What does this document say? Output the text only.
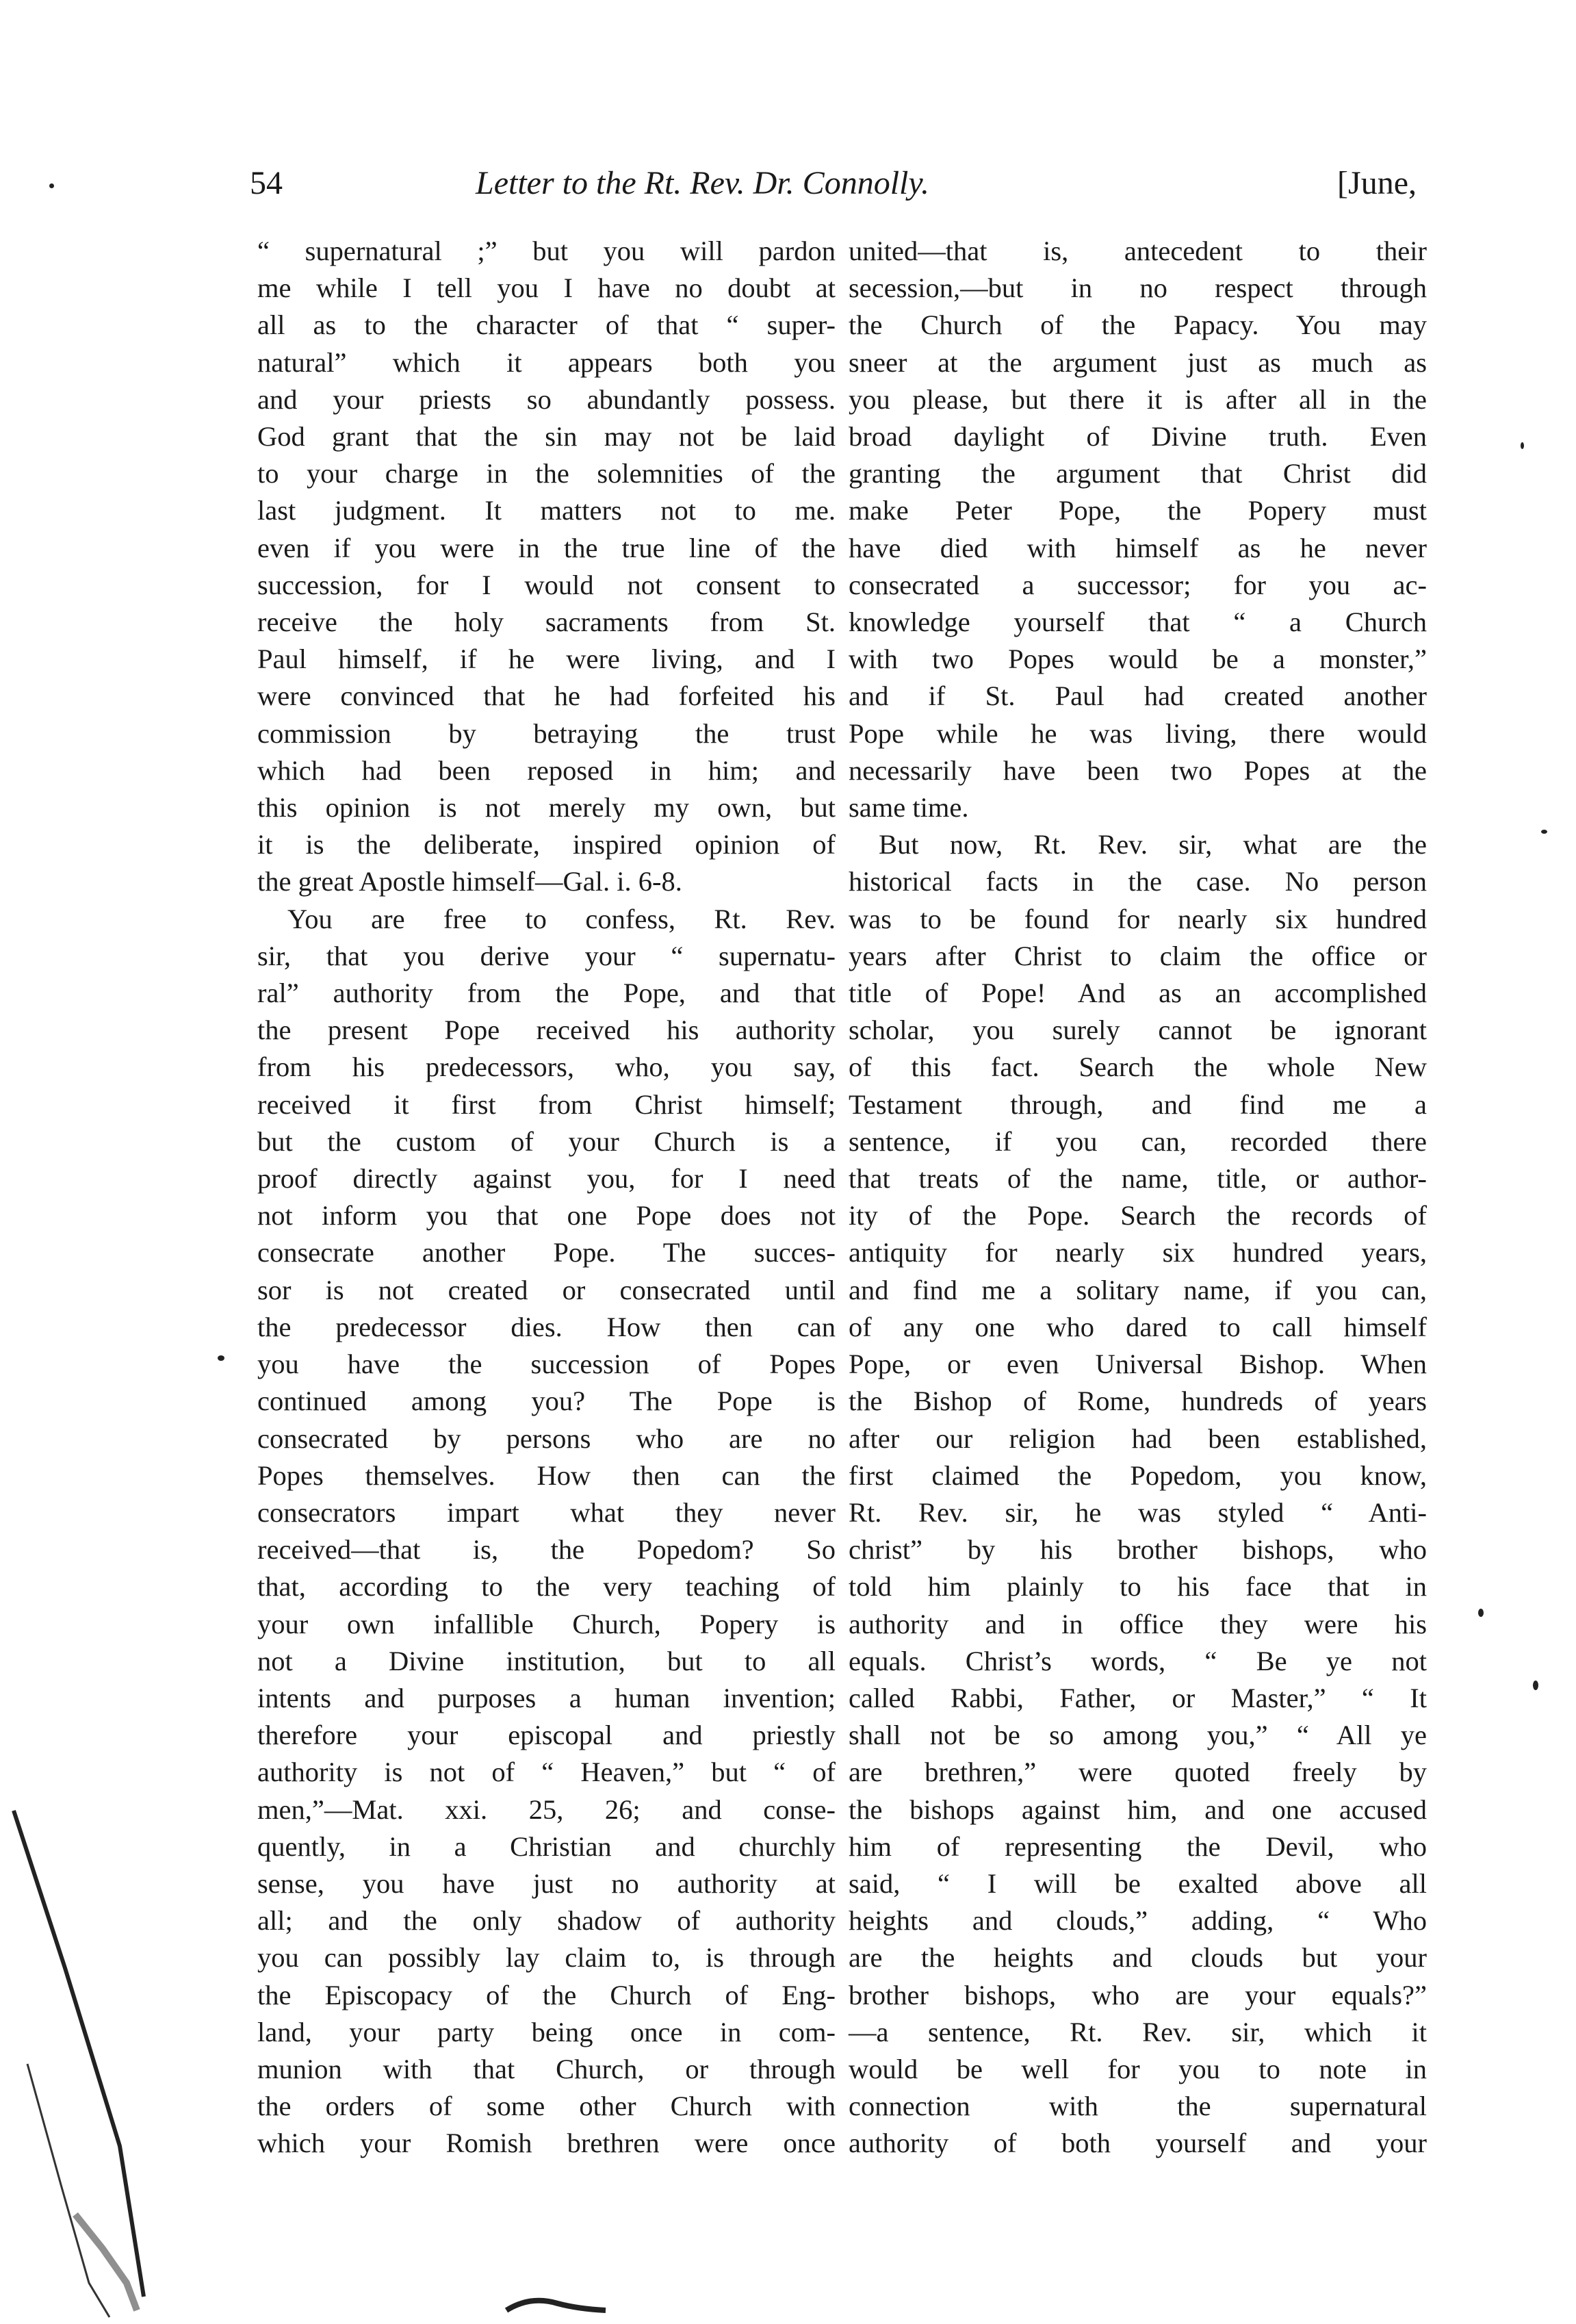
54	Letter to the Rt. Rev. Dr. Connolly.	[June,
“ supernatural ;” but you will pardon
me while I tell you I have no doubt at
all as to the character of that “ super-
natural” which it appears both you
and your priests so abundantly possess.
God grant that the sin may not be laid
to your charge in the solemnities of the
last judgment. It matters not to me.
even if you were in the true line of the
succession, for I would not consent to
receive the holy sacraments from St.
Paul himself, if he were living, and I
were convinced that he had forfeited his
commission by betraying the trust
which had been reposed in him; and
this opinion is not merely my own, but
it is the deliberate, inspired opinion of
the great Apostle himself—Gal. i. 6-8.
You are free to confess, Rt. Rev.
sir, that you derive your “ supernatu-
ral” authority from the Pope, and that
the present Pope received his authority
from his predecessors, who, you say,
received it first from Christ himself;
but the custom of your Church is a
proof directly against you, for I need
not inform you that one Pope does not
consecrate another Pope. The succes-
sor is not created or consecrated until
the predecessor dies. How then can
you have the succession of Popes
continued among you? The Pope is
consecrated by persons who are no
Popes themselves. How then can the
consecrators impart what they never
received—that is, the Popedom? So
that, according to the very teaching of
your own infallible Church, Popery is
not a Divine institution, but to all
intents and purposes a human invention;
therefore your episcopal and priestly
authority is not of “ Heaven,” but “ of
men,”—Mat. xxi. 25, 26; and conse-
quently, in a Christian and churchly
sense, you have just no authority at
all; and the only shadow of authority
you can possibly lay claim to, is through
the Episcopacy of the Church of Eng-
land, your party being once in com-
munion with that Church, or through
the orders of some other Church with
which your Romish brethren were once
united—that is, antecedent to their
secession,—but in no respect through
the Church of the Papacy. You may
sneer at the argument just as much as
you please, but there it is after all in the
broad daylight of Divine truth. Even
granting the argument that Christ did
make Peter Pope, the Popery must
have died with himself as he never
consecrated a successor; for you ac-
knowledge yourself that “ a Church
with two Popes would be a monster,”
and if St. Paul had created another
Pope while he was living, there would
necessarily have been two Popes at the
same time.
But now, Rt. Rev. sir, what are the
historical facts in the case. No person
was to be found for nearly six hundred
years after Christ to claim the office or
title of Pope! And as an accomplished
scholar, you surely cannot be ignorant
of this fact. Search the whole New
Testament through, and find me a
sentence, if you can, recorded there
that treats of the name, title, or author-
ity of the Pope. Search the records of
antiquity for nearly six hundred years,
and find me a solitary name, if you can,
of any one who dared to call himself
Pope, or even Universal Bishop. When
the Bishop of Rome, hundreds of years
after our religion had been established,
first claimed the Popedom, you know,
Rt. Rev. sir, he was styled “ Anti-
christ” by his brother bishops, who
told him plainly to his face that in
authority and in office they were his
equals. Christ’s words, “ Be ye not
called Rabbi, Father, or Master,” “ It
shall not be so among you,” “ All ye
are brethren,” were quoted freely by
the bishops against him, and one accused
him of representing the Devil, who
said, “ I will be exalted above all
heights and clouds,” adding, “ Who
are the heights and clouds but your
brother bishops, who are your equals?”
—a sentence, Rt. Rev. sir, which it
would be well for you to note in
connection with the supernatural
authority of both yourself and your
